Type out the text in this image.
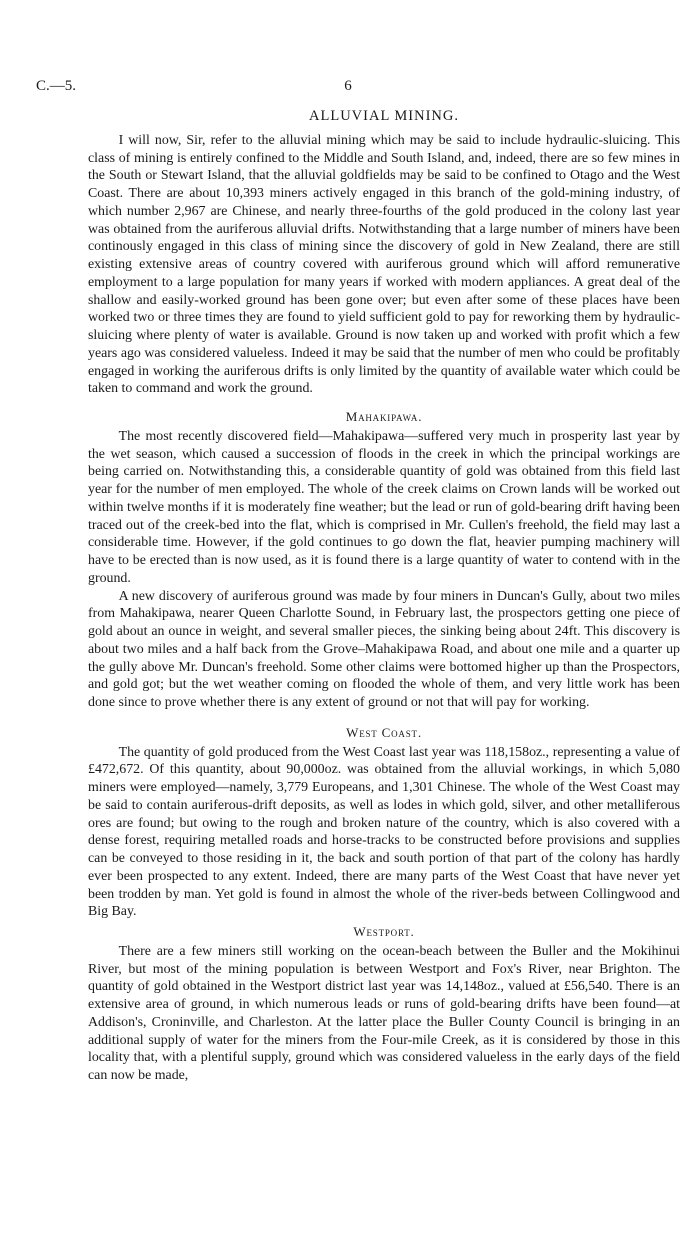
C.—5.	6
ALLUVIAL MINING.

I will now, Sir, refer to the alluvial mining which may be said to include hydraulic-sluicing. This class of mining is entirely confined to the Middle and South Island, and, indeed, there are so few mines in the South or Stewart Island, that the alluvial goldfields may be said to be confined to Otago and the West Coast. There are about 10,393 miners actively engaged in this branch of the gold-mining industry, of which number 2,967 are Chinese, and nearly three-fourths of the gold produced in the colony last year was obtained from the auriferous alluvial drifts. Notwithstanding that a large number of miners have been continously engaged in this class of mining since the discovery of gold in New Zealand, there are still existing extensive areas of country covered with auriferous ground which will afford remunerative employment to a large population for many years if worked with modern appliances. A great deal of the shallow and easily-worked ground has been gone over; but even after some of these places have been worked two or three times they are found to yield sufficient gold to pay for reworking them by hydraulic-sluicing where plenty of water is available. Ground is now taken up and worked with profit which a few years ago was considered valueless. Indeed it may be said that the number of men who could be profitably engaged in working the auriferous drifts is only limited by the quantity of available water which could be taken to command and work the ground.

Mahakipawa.

The most recently discovered field—Mahakipawa—suffered very much in prosperity last year by the wet season, which caused a succession of floods in the creek in which the principal workings are being carried on. Notwithstanding this, a considerable quantity of gold was obtained from this field last year for the number of men employed. The whole of the creek claims on Crown lands will be worked out within twelve months if it is moderately fine weather; but the lead or run of gold-bearing drift having been traced out of the creek-bed into the flat, which is comprised in Mr. Cullen's freehold, the field may last a considerable time. However, if the gold continues to go down the flat, heavier pumping machinery will have to be erected than is now used, as it is found there is a large quantity of water to contend with in the ground.

A new discovery of auriferous ground was made by four miners in Duncan's Gully, about two miles from Mahakipawa, nearer Queen Charlotte Sound, in February last, the prospectors getting one piece of gold about an ounce in weight, and several smaller pieces, the sinking being about 24ft. This discovery is about two miles and a half back from the Grove–Mahakipawa Road, and about one mile and a quarter up the gully above Mr. Duncan's freehold. Some other claims were bottomed higher up than the Prospectors, and gold got; but the wet weather coming on flooded the whole of them, and very little work has been done since to prove whether there is any extent of ground or not that will pay for working.

West Coast.

The quantity of gold produced from the West Coast last year was 118,158oz., representing a value of £472,672. Of this quantity, about 90,000oz. was obtained from the alluvial workings, in which 5,080 miners were employed—namely, 3,779 Europeans, and 1,301 Chinese. The whole of the West Coast may be said to contain auriferous-drift deposits, as well as lodes in which gold, silver, and other metalliferous ores are found; but owing to the rough and broken nature of the country, which is also covered with a dense forest, requiring metalled roads and horse-tracks to be constructed before provisions and supplies can be conveyed to those residing in it, the back and south portion of that part of the colony has hardly ever been prospected to any extent. Indeed, there are many parts of the West Coast that have never yet been trodden by man. Yet gold is found in almost the whole of the river-beds between Collingwood and Big Bay.

Westport.

There are a few miners still working on the ocean-beach between the Buller and the Mokihinui River, but most of the mining population is between Westport and Fox's River, near Brighton. The quantity of gold obtained in the Westport district last year was 14,148oz., valued at £56,540. There is an extensive area of ground, in which numerous leads or runs of gold-bearing drifts have been found—at Addison's, Croninville, and Charleston. At the latter place the Buller County Council is bringing in an additional supply of water for the miners from the Four-mile Creek, as it is considered by those in this locality that, with a plentiful supply, ground which was considered valueless in the early days of the field can now be made,
